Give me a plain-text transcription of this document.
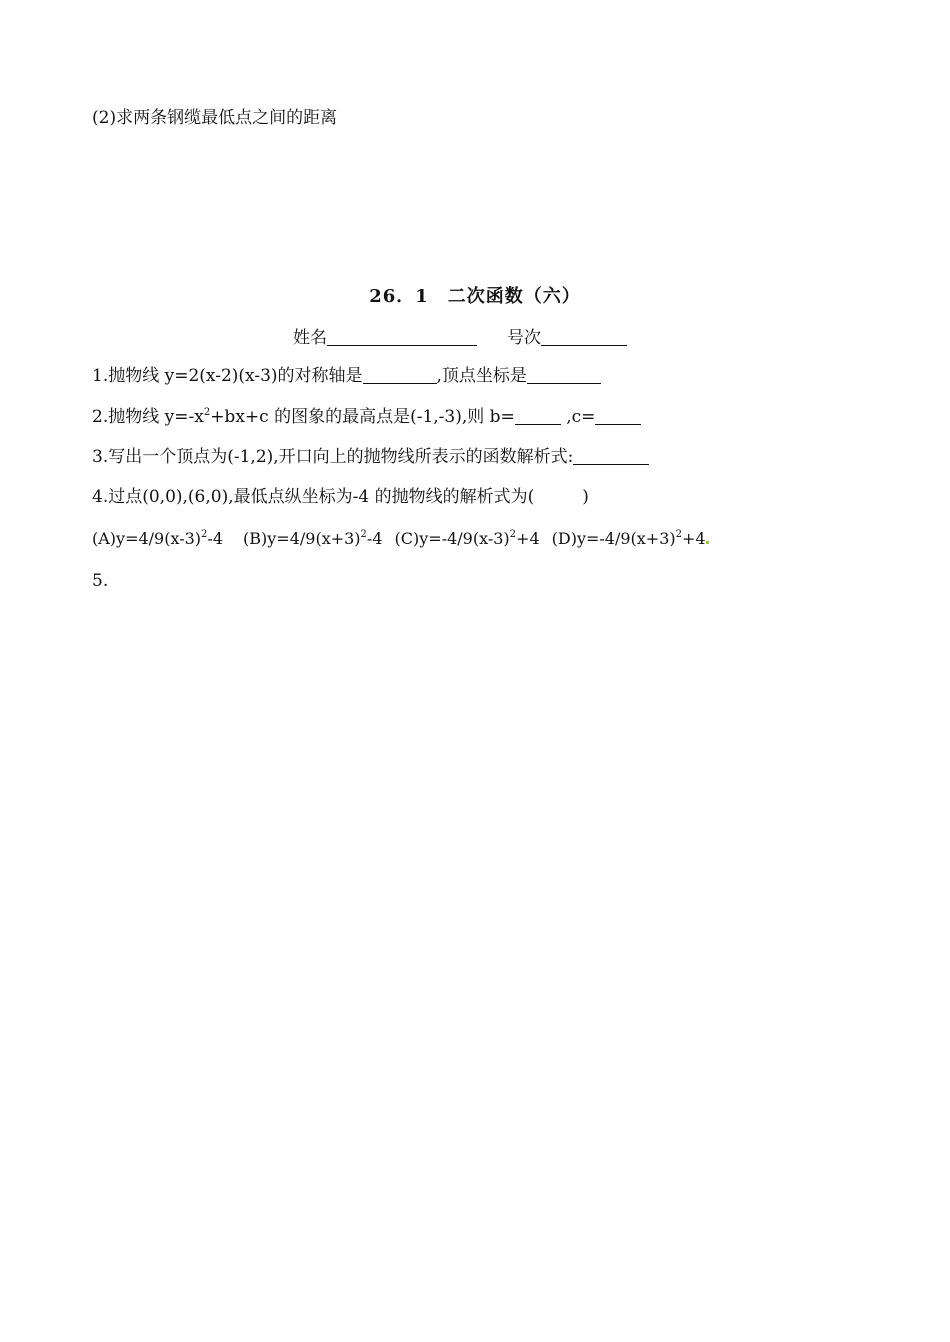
(2)求两条钢缆最低点之间的距离
26．1　二次函数（六）
姓名	号次
1.抛物线 y=2(x-2)(x-3)的对称轴是	,顶点坐标是
2.抛物线 $y=-x^2+bx+c$ 的图象的最高点是(-1,-3),则 b=	,c=
3.写出一个顶点为(-1,2),开口向上的抛物线所表示的函数解析式:
4.过点(0,0),(6,0),最低点纵坐标为-4 的抛物线的解析式为(	)
$(A)y=4/9(x-3)^2-4$ $(B)y=4/9(x+3)^2-4$ $(C)y=-4/9(x-3)^2+4$ $(D)y=-4/9(x+3)^2+4$
5.
